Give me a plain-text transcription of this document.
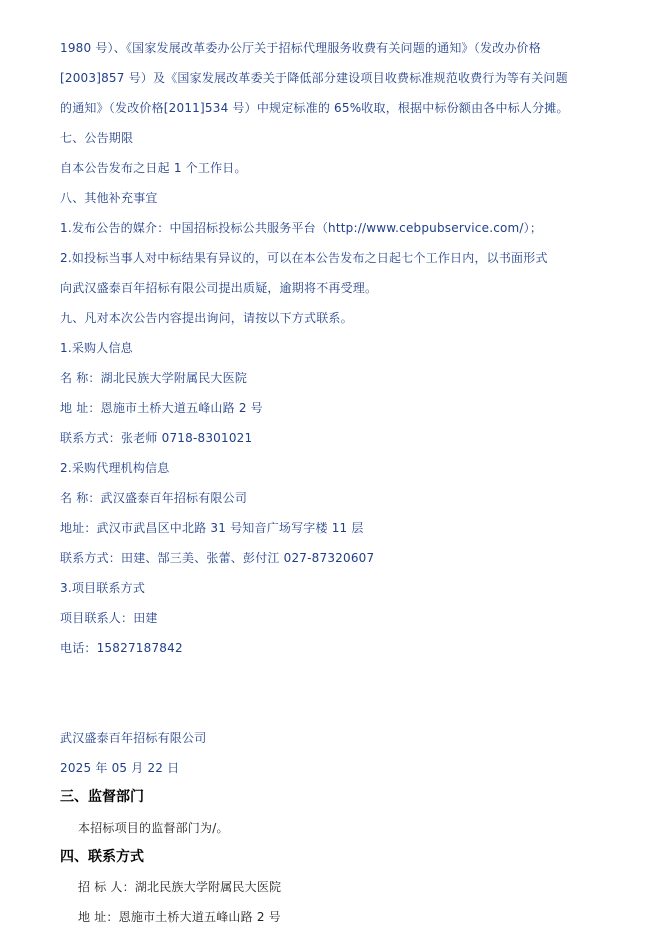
1980 号）、《国家发展改革委办公厅关于招标代理服务收费有关问题的通知》（发改办价格
[2003]857 号）及《国家发展改革委关于降低部分建设项目收费标准规范收费行为等有关问题
的通知》（发改价格[2011]534 号）中规定标准的 65%收取，根据中标份额由各中标人分摊。
七、公告期限
自本公告发布之日起 1 个工作日。
八、其他补充事宜
1.发布公告的媒介：中国招标投标公共服务平台（http://www.cebpubservice.com/）；
2.如投标当事人对中标结果有异议的，可以在本公告发布之日起七个工作日内，以书面形式
向武汉盛泰百年招标有限公司提出质疑，逾期将不再受理。
九、凡对本次公告内容提出询问，请按以下方式联系。
1.采购人信息
名 称：湖北民族大学附属民大医院
地 址：恩施市土桥大道五峰山路 2 号
联系方式：张老师 0718-8301021
2.采购代理机构信息
名 称：武汉盛泰百年招标有限公司
地址：武汉市武昌区中北路 31 号知音广场写字楼 11 层
联系方式：田建、郜三美、张蕾、彭付江 027-87320607
3.项目联系方式
项目联系人：田建
电话：15827187842
武汉盛泰百年招标有限公司
2025 年 05 月 22 日
三、监督部门
本招标项目的监督部门为/。
四、联系方式
招 标 人：湖北民族大学附属民大医院
地 址：恩施市土桥大道五峰山路 2 号
